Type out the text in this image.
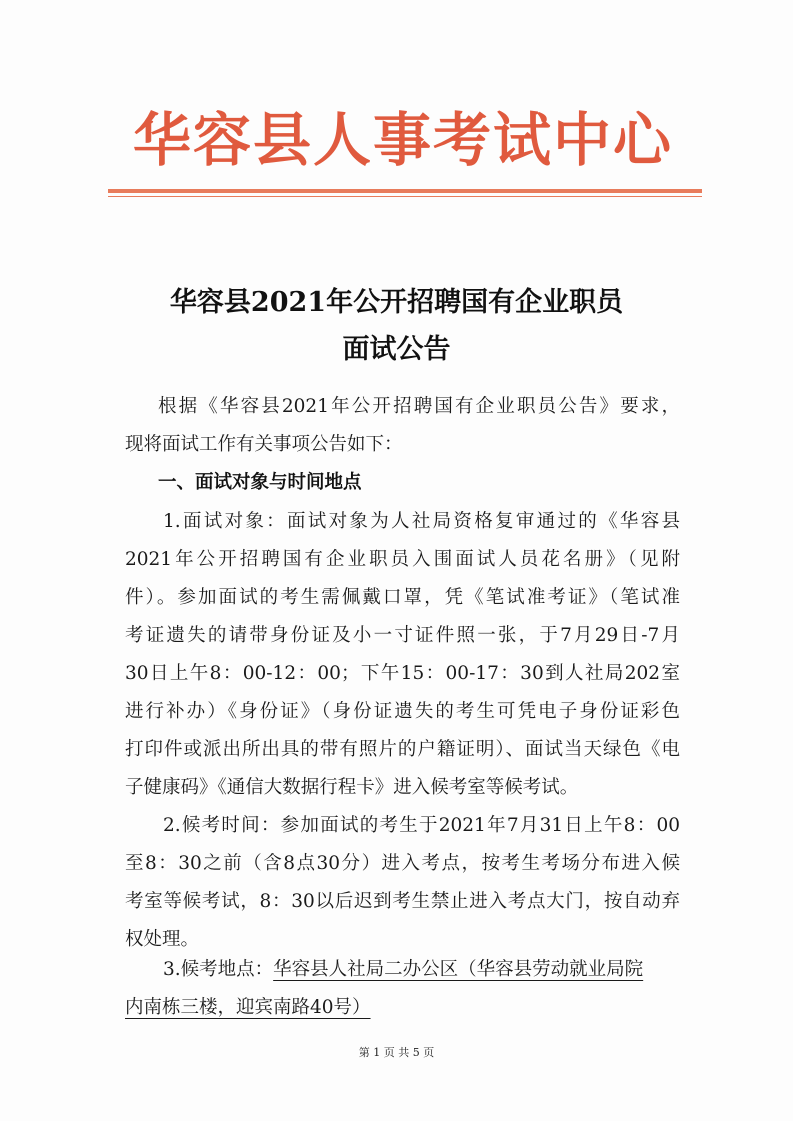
华容县人事考试中心
华容县2021年公开招聘国有企业职员
面试公告
根据《华容县2021年公开招聘国有企业职员公告》要求，
现将面试工作有关事项公告如下：
一、面试对象与时间地点
1.面试对象：面试对象为人社局资格复审通过的《华容县
2021年公开招聘国有企业职员入围面试人员花名册》（见附
件）。参加面试的考生需佩戴口罩，凭《笔试准考证》（笔试准
考证遗失的请带身份证及小一寸证件照一张，于7月29日-7月
30日上午8：00-12：00；下午15：00-17：30到人社局202室
进行补办）《身份证》（身份证遗失的考生可凭电子身份证彩色
打印件或派出所出具的带有照片的户籍证明）、面试当天绿色《电
子健康码》《通信大数据行程卡》进入候考室等候考试。
2.候考时间：参加面试的考生于2021年7月31日上午8：00
至8：30之前（含8点30分）进入考点，按考生考场分布进入候
考室等候考试，8：30以后迟到考生禁止进入考点大门，按自动弃
权处理。
3.候考地点：华容县人社局二办公区（华容县劳动就业局院
内南栋三楼，迎宾南路40号）
第 1 页 共 5 页
